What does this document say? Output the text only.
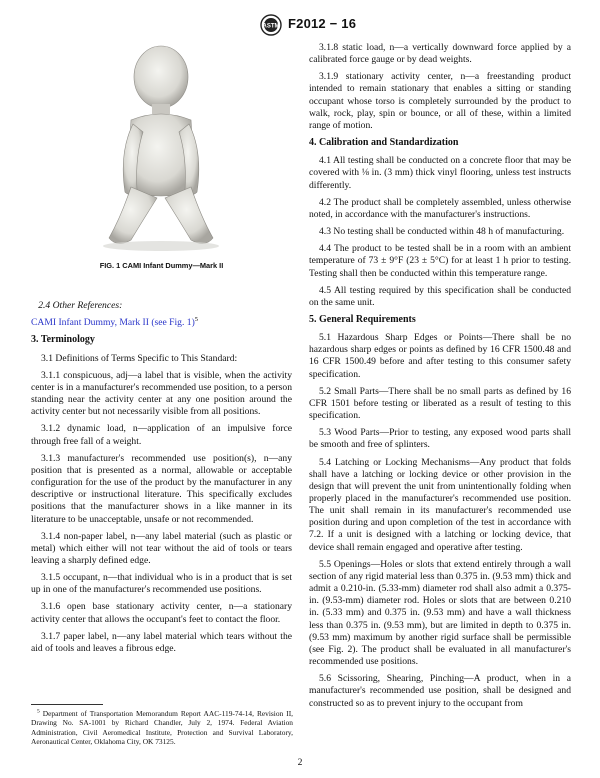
ASTM F2012 − 16
FIG. 1 CAMI Infant Dummy—Mark II

2.4 Other References:

CAMI Infant Dummy, Mark II (see Fig. 1)$^5$

3. Terminology

3.1 Definitions of Terms Specific to This Standard:

3.1.1 conspicuous, adj—a label that is visible, when the activity center is in a manufacturer's recommended use position, to a person standing near the activity center at any one position around the activity center but not necessarily visible from all positions.

3.1.2 dynamic load, n—application of an impulsive force through free fall of a weight.

3.1.3 manufacturer's recommended use position(s), n—any position that is presented as a normal, allowable or acceptable configuration for the use of the product by the manufacturer in any descriptive or instructional literature. This specifically excludes positions that the manufacturer shows in a like manner in its literature to be unacceptable, unsafe or not recommended.

3.1.4 non-paper label, n—any label material (such as plastic or metal) which either will not tear without the aid of tools or tears leaving a sharply defined edge.

3.1.5 occupant, n—that individual who is in a product that is set up in one of the manufacturer's recommended use positions.

3.1.6 open base stationary activity center, n—a stationary activity center that allows the occupant's feet to contact the floor.

3.1.7 paper label, n—any label material which tears without the aid of tools and leaves a fibrous edge.

$^5$ Department of Transportation Memorandum Report AAC-119-74-14, Revision II, Drawing No. SA-1001 by Richard Chandler, July 2, 1974. Federal Aviation Administration, Civil Aeromedical Institute, Protection and Survival Laboratory, Aeronautical Center, Oklahoma City, OK 73125.

3.1.8 static load, n—a vertically downward force applied by a calibrated force gauge or by dead weights.

3.1.9 stationary activity center, n—a freestanding product intended to remain stationary that enables a sitting or standing occupant whose torso is completely surrounded by the product to walk, rock, play, spin or bounce, or all of these, within a limited range of motion.

4. Calibration and Standardization

4.1 All testing shall be conducted on a concrete floor that may be covered with ⅛ in. (3 mm) thick vinyl flooring, unless test instructs differently.

4.2 The product shall be completely assembled, unless otherwise noted, in accordance with the manufacturer's instructions.

4.3 No testing shall be conducted within 48 h of manufacturing.

4.4 The product to be tested shall be in a room with an ambient temperature of 73 ± 9°F (23 ± 5°C) for at least 1 h prior to testing. Testing shall then be conducted within this temperature range.

4.5 All testing required by this specification shall be conducted on the same unit.

5. General Requirements

5.1 Hazardous Sharp Edges or Points—There shall be no hazardous sharp edges or points as defined by 16 CFR 1500.48 and 16 CFR 1500.49 before and after testing to this consumer safety specification.

5.2 Small Parts—There shall be no small parts as defined by 16 CFR 1501 before testing or liberated as a result of testing to this specification.

5.3 Wood Parts—Prior to testing, any exposed wood parts shall be smooth and free of splinters.

5.4 Latching or Locking Mechanisms—Any product that folds shall have a latching or locking device or other provision in the design that will prevent the unit from unintentionally folding when properly placed in the manufacturer's recommended use position. The unit shall remain in its manufacturer's recommended use position during and upon completion of the test in accordance with 7.2. If a unit is designed with a latching or locking device, that device shall remain engaged and operative after testing.

5.5 Openings—Holes or slots that extend entirely through a wall section of any rigid material less than 0.375 in. (9.53 mm) thick and admit a 0.210-in. (5.33-mm) diameter rod shall also admit a 0.375-in. (9.53-mm) diameter rod. Holes or slots that are between 0.210 in. (5.33 mm) and 0.375 in. (9.53 mm) and have a wall thickness less than 0.375 in. (9.53 mm), but are limited in depth to 0.375 in. (9.53 mm) maximum by another rigid surface shall be permissible (see Fig. 2). The product shall be evaluated in all manufacturer's recommended use positions.

5.6 Scissoring, Shearing, Pinching—A product, when in a manufacturer's recommended use position, shall be designed and constructed so as to prevent injury to the occupant from

2
